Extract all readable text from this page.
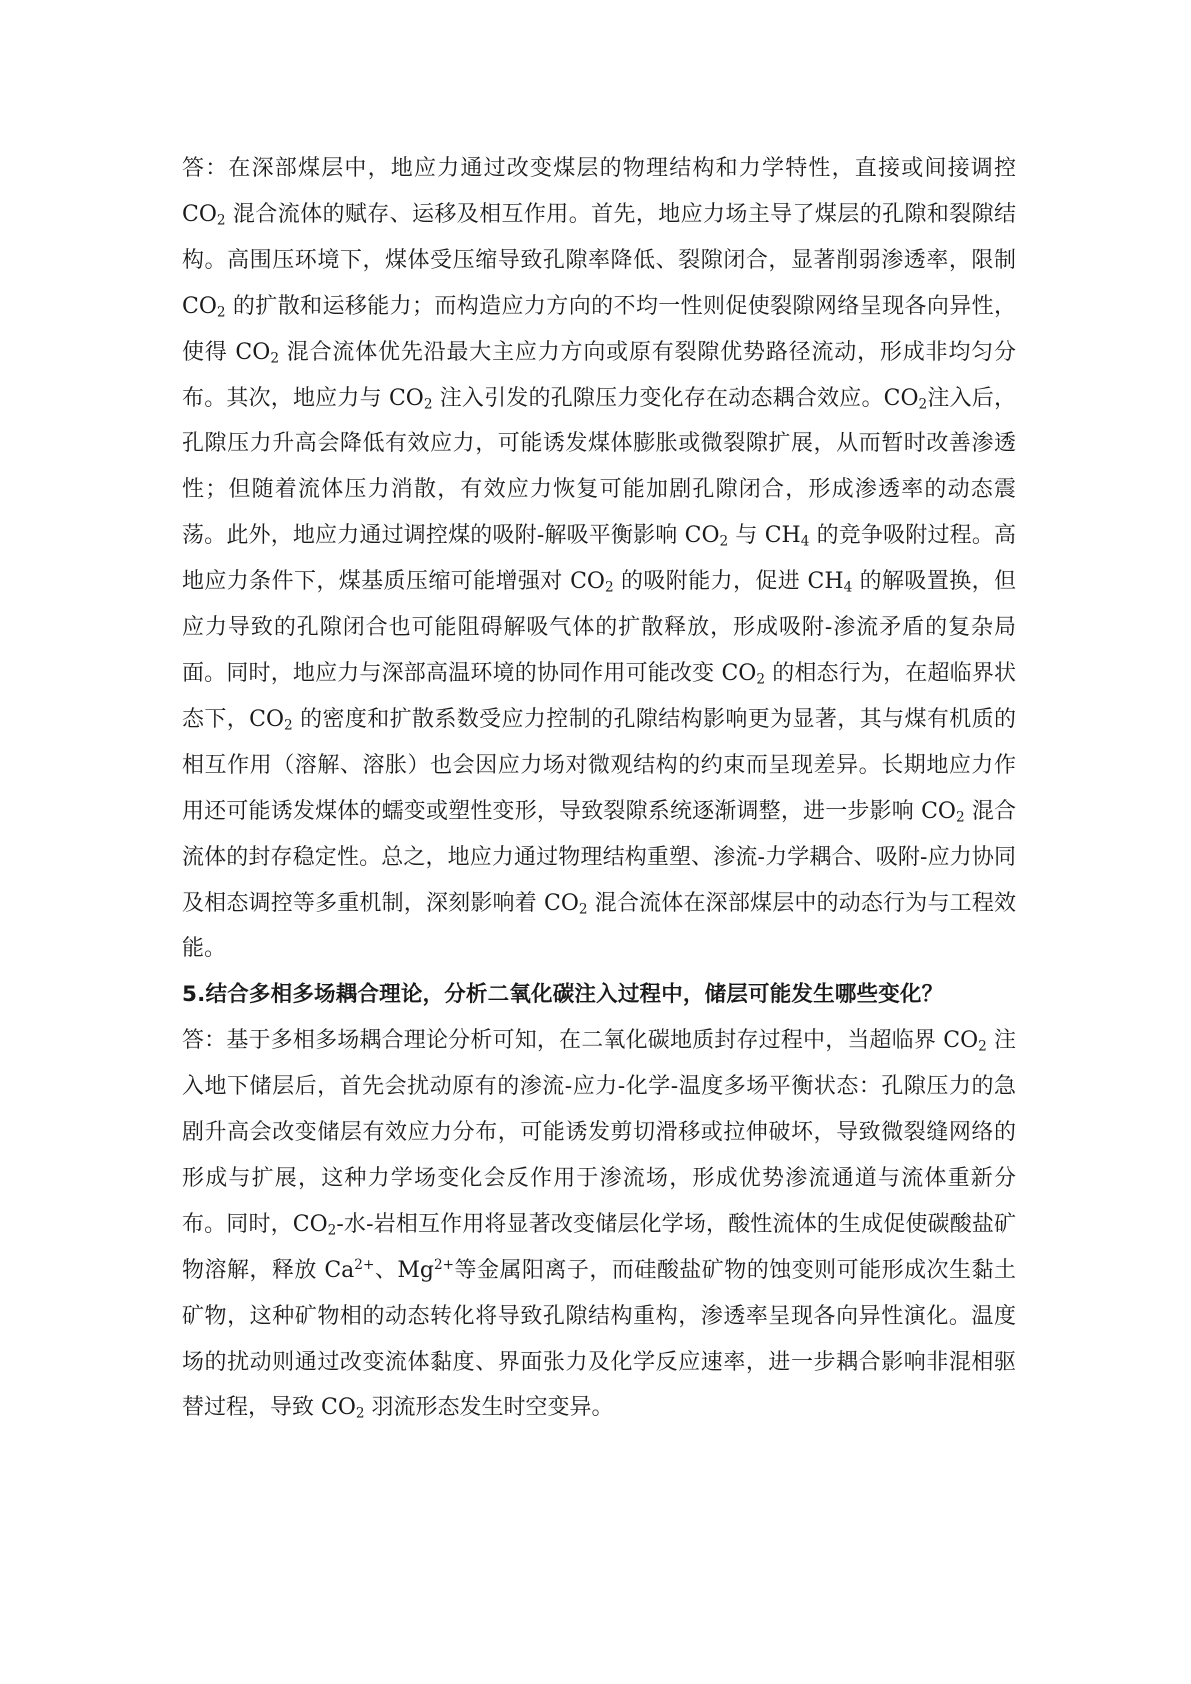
答：在深部煤层中，地应力通过改变煤层的物理结构和力学特性，直接或间接调控 $CO_2$ 混合流体的赋存、运移及相互作用。首先，地应力场主导了煤层的孔隙和裂隙结构。高围压环境下，煤体受压缩导致孔隙率降低、裂隙闭合，显著削弱渗透率，限制 $CO_2$ 的扩散和运移能力；而构造应力方向的不均一性则促使裂隙网络呈现各向异性，使得 $CO_2$ 混合流体优先沿最大主应力方向或原有裂隙优势路径流动，形成非均匀分布。其次，地应力与 $CO_2$ 注入引发的孔隙压力变化存在动态耦合效应。$CO_2$注入后，孔隙压力升高会降低有效应力，可能诱发煤体膨胀或微裂隙扩展，从而暂时改善渗透性；但随着流体压力消散，有效应力恢复可能加剧孔隙闭合，形成渗透率的动态震荡。此外，地应力通过调控煤的吸附-解吸平衡影响 $CO_2$ 与 $CH_4$ 的竞争吸附过程。高地应力条件下，煤基质压缩可能增强对 $CO_2$ 的吸附能力，促进 $CH_4$ 的解吸置换，但应力导致的孔隙闭合也可能阻碍解吸气体的扩散释放，形成吸附-渗流矛盾的复杂局面。同时，地应力与深部高温环境的协同作用可能改变 $CO_2$ 的相态行为，在超临界状态下，$CO_2$ 的密度和扩散系数受应力控制的孔隙结构影响更为显著，其与煤有机质的相互作用（溶解、溶胀）也会因应力场对微观结构的约束而呈现差异。长期地应力作用还可能诱发煤体的蠕变或塑性变形，导致裂隙系统逐渐调整，进一步影响 $CO_2$ 混合流体的封存稳定性。总之，地应力通过物理结构重塑、渗流-力学耦合、吸附-应力协同及相态调控等多重机制，深刻影响着 $CO_2$ 混合流体在深部煤层中的动态行为与工程效能。

5.结合多相多场耦合理论，分析二氧化碳注入过程中，储层可能发生哪些变化？

答：基于多相多场耦合理论分析可知，在二氧化碳地质封存过程中，当超临界 $CO_2$ 注入地下储层后，首先会扰动原有的渗流-应力-化学-温度多场平衡状态：孔隙压力的急剧升高会改变储层有效应力分布，可能诱发剪切滑移或拉伸破坏，导致微裂缝网络的形成与扩展，这种力学场变化会反作用于渗流场，形成优势渗流通道与流体重新分布。同时，$CO_2-$水-岩相互作用将显著改变储层化学场，酸性流体的生成促使碳酸盐矿物溶解，释放 $Ca^{2+}$、$Mg^{2+}$等金属阳离子，而硅酸盐矿物的蚀变则可能形成次生黏土矿物，这种矿物相的动态转化将导致孔隙结构重构，渗透率呈现各向异性演化。温度场的扰动则通过改变流体黏度、界面张力及化学反应速率，进一步耦合影响非混相驱替过程，导致 $CO_2$ 羽流形态发生时空变异。
